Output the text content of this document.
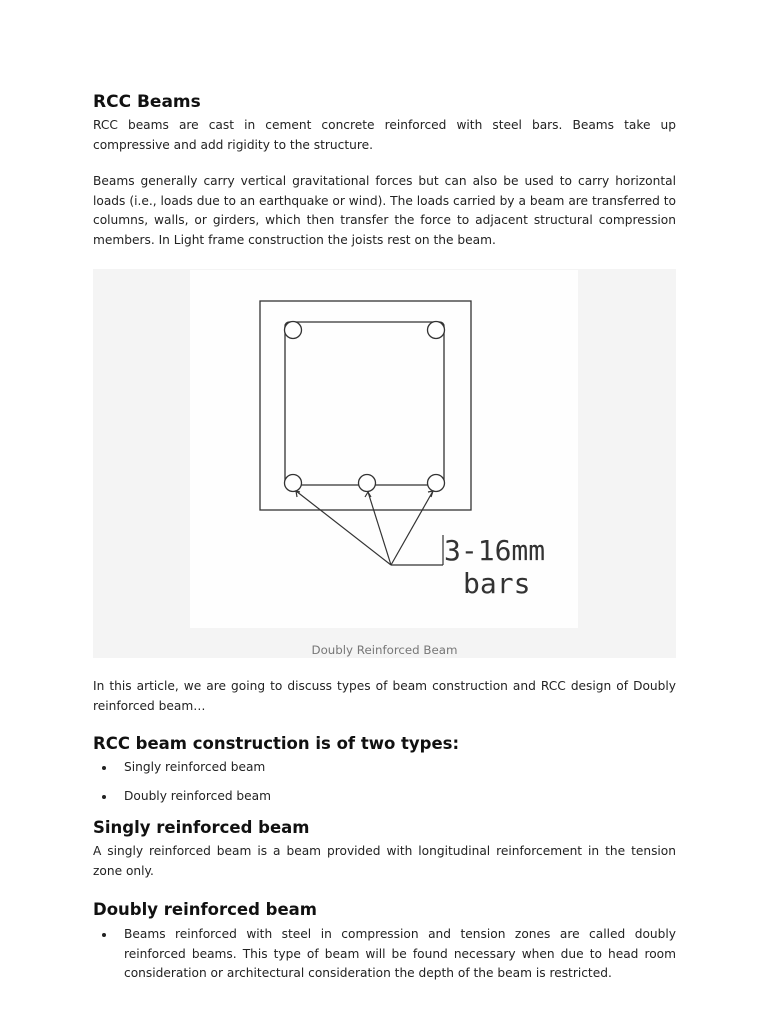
RCC Beams

RCC beams are cast in cement concrete reinforced with steel bars. Beams take up compressive and add rigidity to the structure.

Beams generally carry vertical gravitational forces but can also be used to carry horizontal loads (i.e., loads due to an earthquake or wind). The loads carried by a beam are transferred to columns, walls, or girders, which then transfer the force to adjacent structural compression members. In Light frame construction the joists rest on the beam.

3-16mm
bars
Doubly Reinforced Beam

In this article, we are going to discuss types of beam construction and RCC design of Doubly reinforced beam…

RCC beam construction is of two types:
Singly reinforced beam
Doubly reinforced beam
Singly reinforced beam

A singly reinforced beam is a beam provided with longitudinal reinforcement in the tension zone only.

Doubly reinforced beam
Beams reinforced with steel in compression and tension zones are called doubly reinforced beams. This type of beam will be found necessary when due to head room consideration or architectural consideration the depth of the beam is restricted.
